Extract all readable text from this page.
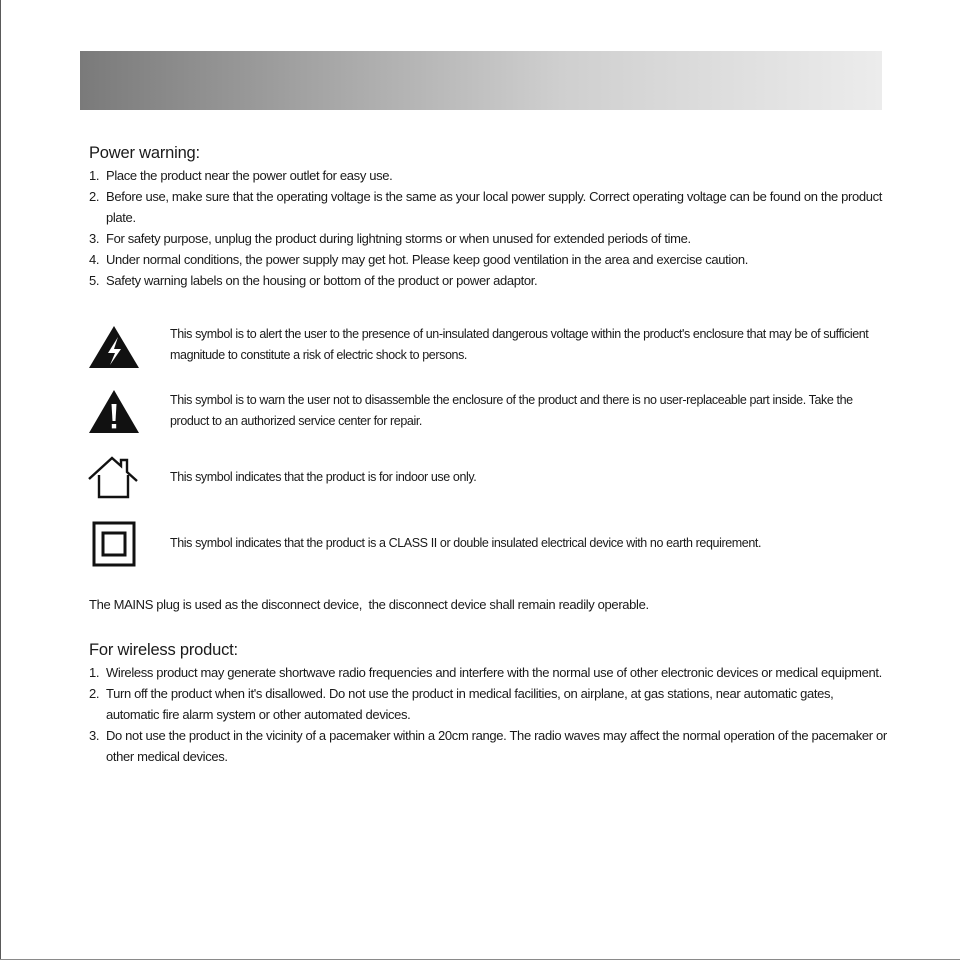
Power warning:
1. Place the product near the power outlet for easy use.
2. Before use, make sure that the operating voltage is the same as your local power supply. Correct operating voltage can be found on the product plate.
3. For safety purpose, unplug the product during lightning storms or when unused for extended periods of time.
4. Under normal conditions, the power supply may get hot. Please keep good ventilation in the area and exercise caution.
5. Safety warning labels on the housing or bottom of the product or power adaptor.
This symbol is to alert the user to the presence of un-insulated dangerous voltage within the product's enclosure that may be of sufficient magnitude to constitute a risk of electric shock to persons.
This symbol is to warn the user not to disassemble the enclosure of the product and there is no user-replaceable part inside. Take the product to an authorized service center for repair.
This symbol indicates that the product is for indoor use only.
This symbol indicates that the product is a CLASS II or double insulated electrical device with no earth requirement.
The MAINS plug is used as the disconnect device,  the disconnect device shall remain readily operable.
For wireless product:
1. Wireless product may generate shortwave radio frequencies and interfere with the normal use of other electronic devices or medical equipment.
2. Turn off the product when it's disallowed. Do not use the product in medical facilities, on airplane, at gas stations, near automatic gates, automatic fire alarm system or other automated devices.
3. Do not use the product in the vicinity of a pacemaker within a 20cm range. The radio waves may affect the normal operation of the pacemaker or other medical devices.
